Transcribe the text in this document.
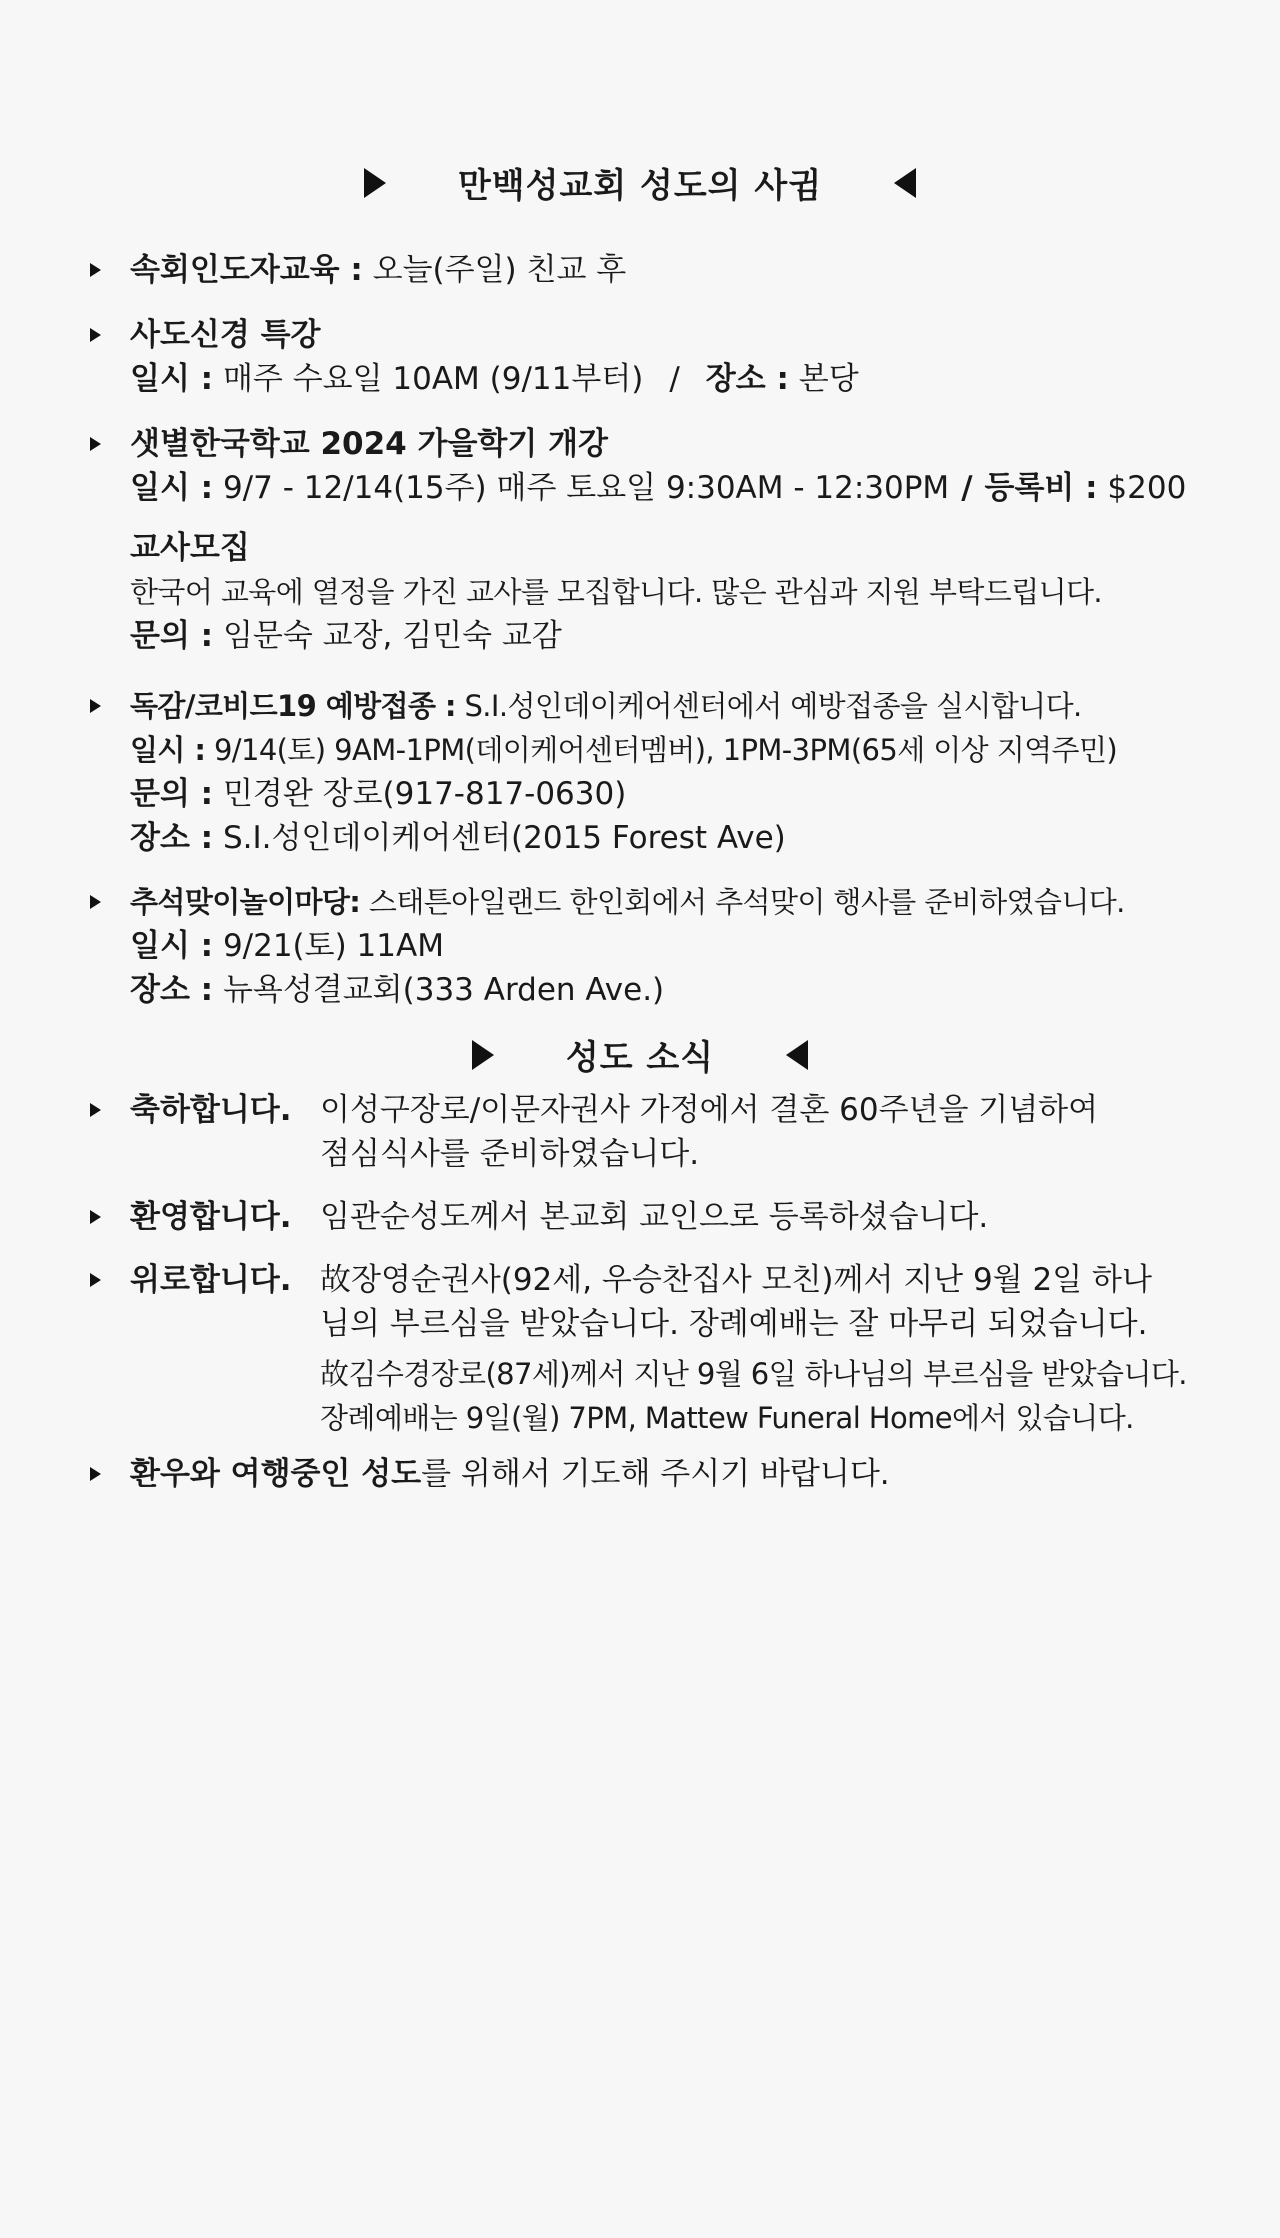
만백성교회 성도의 사귐
속회인도자교육 : 오늘(주일) 친교 후
사도신경 특강
일시 : 매주 수요일 10AM (9/11부터) / 장소 : 본당
샛별한국학교 2024 가을학기 개강
일시 : 9/7 - 12/14(15주) 매주 토요일 9:30AM - 12:30PM / 등록비 : $200
교사모집
한국어 교육에 열정을 가진 교사를 모집합니다. 많은 관심과 지원 부탁드립니다.
문의 : 임문숙 교장, 김민숙 교감
독감/코비드19 예방접종 : S.I.성인데이케어센터에서 예방접종을 실시합니다.
일시 : 9/14(토) 9AM-1PM(데이케어센터멤버), 1PM-3PM(65세 이상 지역주민)
문의 : 민경완 장로(917-817-0630)
장소 : S.I.성인데이케어센터(2015 Forest Ave)
추석맞이놀이마당: 스태튼아일랜드 한인회에서 추석맞이 행사를 준비하였습니다.
일시 : 9/21(토) 11AM
장소 : 뉴욕성결교회(333 Arden Ave.)
성도 소식
축하합니다. 이성구장로/이문자권사 가정에서 결혼 60주년을 기념하여
점심식사를 준비하였습니다.
환영합니다. 임관순성도께서 본교회 교인으로 등록하셨습니다.
위로합니다. 故장영순권사(92세, 우승찬집사 모친)께서 지난 9월 2일 하나
님의 부르심을 받았습니다. 장례예배는 잘 마무리 되었습니다.
故김수경장로(87세)께서 지난 9월 6일 하나님의 부르심을 받았습니다.
장례예배는 9일(월) 7PM, Mattew Funeral Home에서 있습니다.
환우와 여행중인 성도를 위해서 기도해 주시기 바랍니다.
